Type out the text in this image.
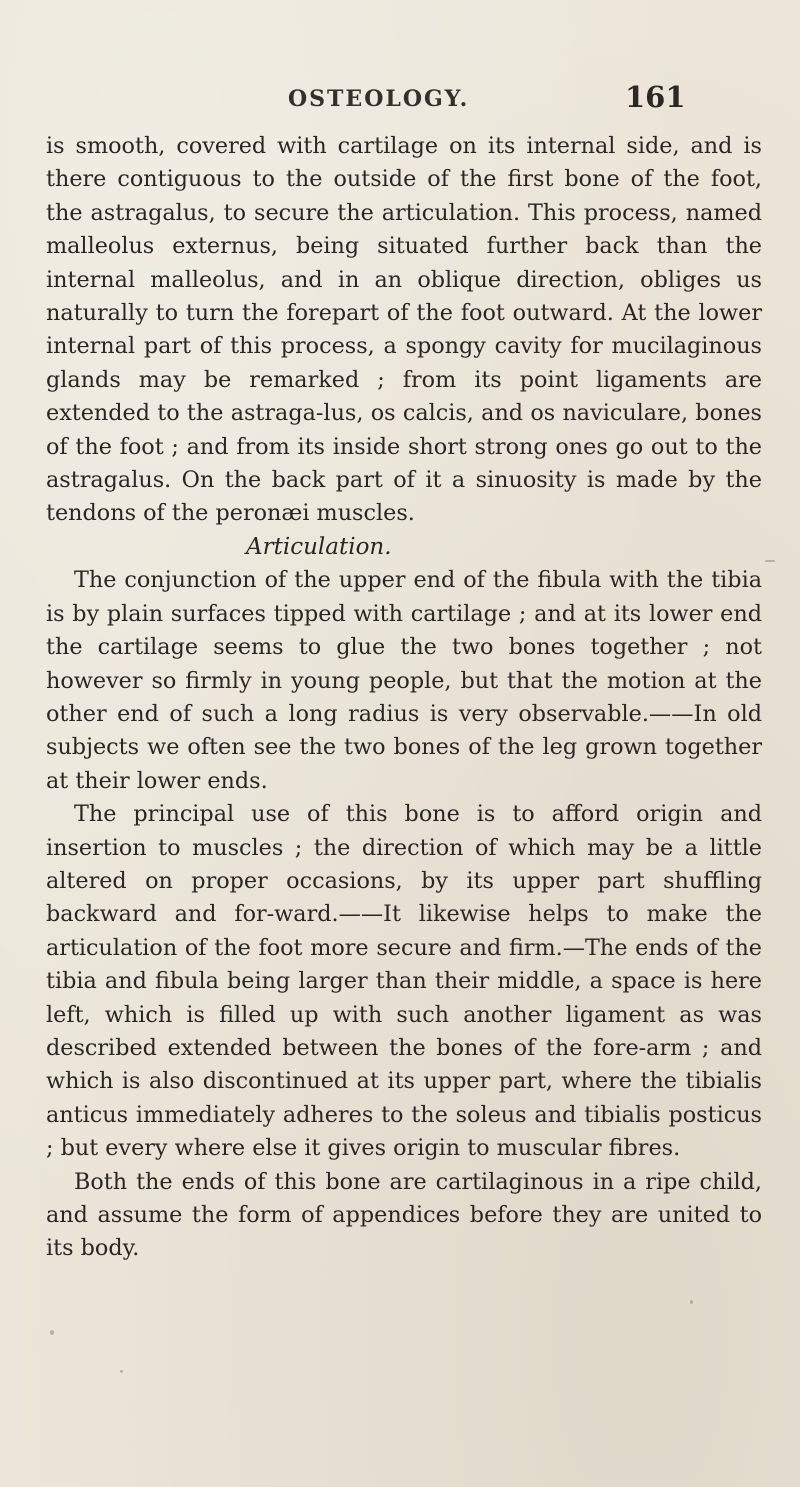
OSTEOLOGY.	161

is smooth, covered with cartilage on its internal side, and is there contiguous to the outside of the first bone of the foot, the astragalus, to secure the articulation. This process, named malleolus externus, being situated further back than the internal malleolus, and in an oblique direction, obliges us naturally to turn the forepart of the foot outward. At the lower internal part of this process, a spongy cavity for mucilaginous glands may be remarked ; from its point ligaments are extended to the astraga-lus, os calcis, and os naviculare, bones of the foot ; and from its inside short strong ones go out to the astragalus. On the back part of it a sinuosity is made by the tendons of the peronæi muscles.

Articulation.

The conjunction of the upper end of the fibula with the tibia is by plain surfaces tipped with cartilage ; and at its lower end the cartilage seems to glue the two bones together ; not however so firmly in young people, but that the motion at the other end of such a long radius is very observable.——In old subjects we often see the two bones of the leg grown together at their lower ends.

The principal use of this bone is to afford origin and insertion to muscles ; the direction of which may be a little altered on proper occasions, by its upper part shuffling backward and for-ward.——It likewise helps to make the articulation of the foot more secure and firm.—The ends of the tibia and fibula being larger than their middle, a space is here left, which is filled up with such another ligament as was described extended between the bones of the fore-arm ; and which is also discontinued at its upper part, where the tibialis anticus immediately adheres to the soleus and tibialis posticus ; but every where else it gives origin to muscular fibres.

Both the ends of this bone are cartilaginous in a ripe child, and assume the form of appendices before they are united to its body.
